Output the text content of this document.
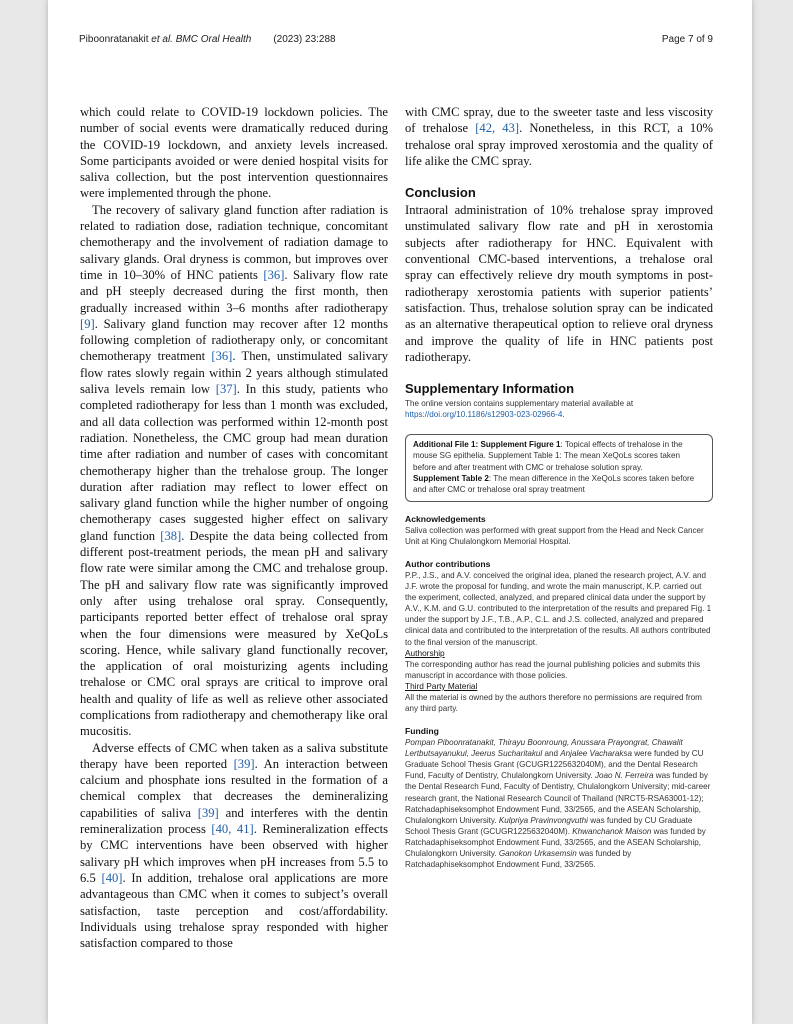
Piboonratanakit et al. BMC Oral Health (2023) 23:288	Page 7 of 9

which could relate to COVID-19 lockdown policies. The number of social events were dramatically reduced during the COVID-19 lockdown, and anxiety levels increased. Some participants avoided or were denied hospital visits for saliva collection, but the post intervention questionnaires were implemented through the phone.

The recovery of salivary gland function after radiation is related to radiation dose, radiation technique, concomitant chemotherapy and the involvement of radiation damage to salivary glands. Oral dryness is common, but improves over time in 10–30% of HNC patients [36]. Salivary flow rate and pH steeply decreased during the first month, then gradually increased within 3–6 months after radiotherapy [9]. Salivary gland function may recover after 12 months following completion of radiotherapy only, or concomitant chemotherapy treatment [36]. Then, unstimulated salivary flow rates slowly regain within 2 years although stimulated saliva levels remain low [37]. In this study, patients who completed radiotherapy for less than 1 month was excluded, and all data collection was performed within 12-month post radiation. Nonetheless, the CMC group had mean duration time after radiation and number of cases with concomitant chemotherapy higher than the trehalose group. The longer duration after radiation may reflect to lower effect on salivary gland function while the higher number of ongoing chemotherapy cases suggested higher effect on salivary gland function [38]. Despite the data being collected from different post-treatment periods, the mean pH and salivary flow rate were similar among the CMC and trehalose group. The pH and salivary flow rate was significantly improved only after using trehalose oral spray. Consequently, participants reported better effect of trehalose oral spray when the four dimensions were measured by XeQoLs scoring. Hence, while salivary gland functionally recover, the application of oral moisturizing agents including trehalose or CMC oral sprays are critical to improve oral health and quality of life as well as relieve other associated complications from radiotherapy and chemotherapy like oral mucositis.

Adverse effects of CMC when taken as a saliva substitute therapy have been reported [39]. An interaction between calcium and phosphate ions resulted in the formation of a chemical complex that decreases the demineralizing capabilities of saliva [39] and interferes with the dentin remineralization process [40, 41]. Remineralization effects by CMC interventions have been observed with higher salivary pH which improves when pH increases from 5.5 to 6.5 [40]. In addition, trehalose oral applications are more advantageous than CMC when it comes to subject’s overall satisfaction, taste perception and cost/affordability. Individuals using trehalose spray responded with higher satisfaction compared to those

with CMC spray, due to the sweeter taste and less viscosity of trehalose [42, 43]. Nonetheless, in this RCT, a 10% trehalose oral spray improved xerostomia and the quality of life alike the CMC spray.

Conclusion

Intraoral administration of 10% trehalose spray improved unstimulated salivary flow rate and pH in xerostomia subjects after radiotherapy for HNC. Equivalent with conventional CMC-based interventions, a trehalose oral spray can effectively relieve dry mouth symptoms in post-radiotherapy xerostomia patients with superior patients’ satisfaction. Thus, trehalose solution spray can be indicated as an alternative therapeutical option to relieve oral dryness and improve the quality of life in HNC patients post radiotherapy.

Supplementary Information

The online version contains supplementary material available at https://doi.org/10.1186/s12903-023-02966-4.

Additional File 1: Supplement Figure 1: Topical effects of trehalose in the mouse SG epithelia. Supplement Table 1: The mean XeQoLs scores taken before and after treatment with CMC or trehalose solution spray.
Supplement Table 2: The mean difference in the XeQoLs scores taken before and after CMC or trehalose oral spray treatment

Acknowledgements

Saliva collection was performed with great support from the Head and Neck Cancer Unit at King Chulalongkorn Memorial Hospital.

Author contributions

P.P., J.S., and A.V. conceived the original idea, planed the research project, A.V. and J.F. wrote the proposal for funding, and wrote the main manuscript, K.P. carried out the experiment, collected, analyzed, and prepared clinical data under the support by A.V., K.M. and G.U. contributed to the interpretation of the results and prepared Fig. 1 under the support by J.F., T.B., A.P., C.L. and J.S. collected, analyzed and prepared clinical data and contributed to the interpretation of the results. All authors contributed to the final version of the manuscript.

Authorship

The corresponding author has read the journal publishing policies and submits this manuscript in accordance with those policies.

Third Party Material

All the material is owned by the authors therefore no permissions are required from any third party.

Funding

Pompan Piboonratanakit, Thirayu Boonroung, Anussara Prayongrat, Chawalit Lertbutsayanukul, Jeerus Sucharitakul and Anjalee Vacharaksa were funded by CU Graduate School Thesis Grant (GCUGR1225632040M), and the Dental Research Fund, Faculty of Dentistry, Chulalongkorn University. Joao N. Ferreira was funded by the Dental Research Fund, Faculty of Dentistry, Chulalongkorn University; mid-career research grant, the National Research Council of Thailand (NRCT5-RSA63001-12); Ratchadaphiseksomphot Endowment Fund, 33/2565, and the ASEAN Scholarship, Chulalongkorn University. Kulpriya Pravinvongvuthi was funded by CU Graduate School Thesis Grant (GCUGR1225632040M). Khwanchanok Maison was funded by Ratchadaphiseksomphot Endowment Fund, 33/2565, and the ASEAN Scholarship, Chulalongkorn University. Ganokon Urkasemsin was funded by Ratchadaphiseksomphot Endowment Fund, 33/2565.
